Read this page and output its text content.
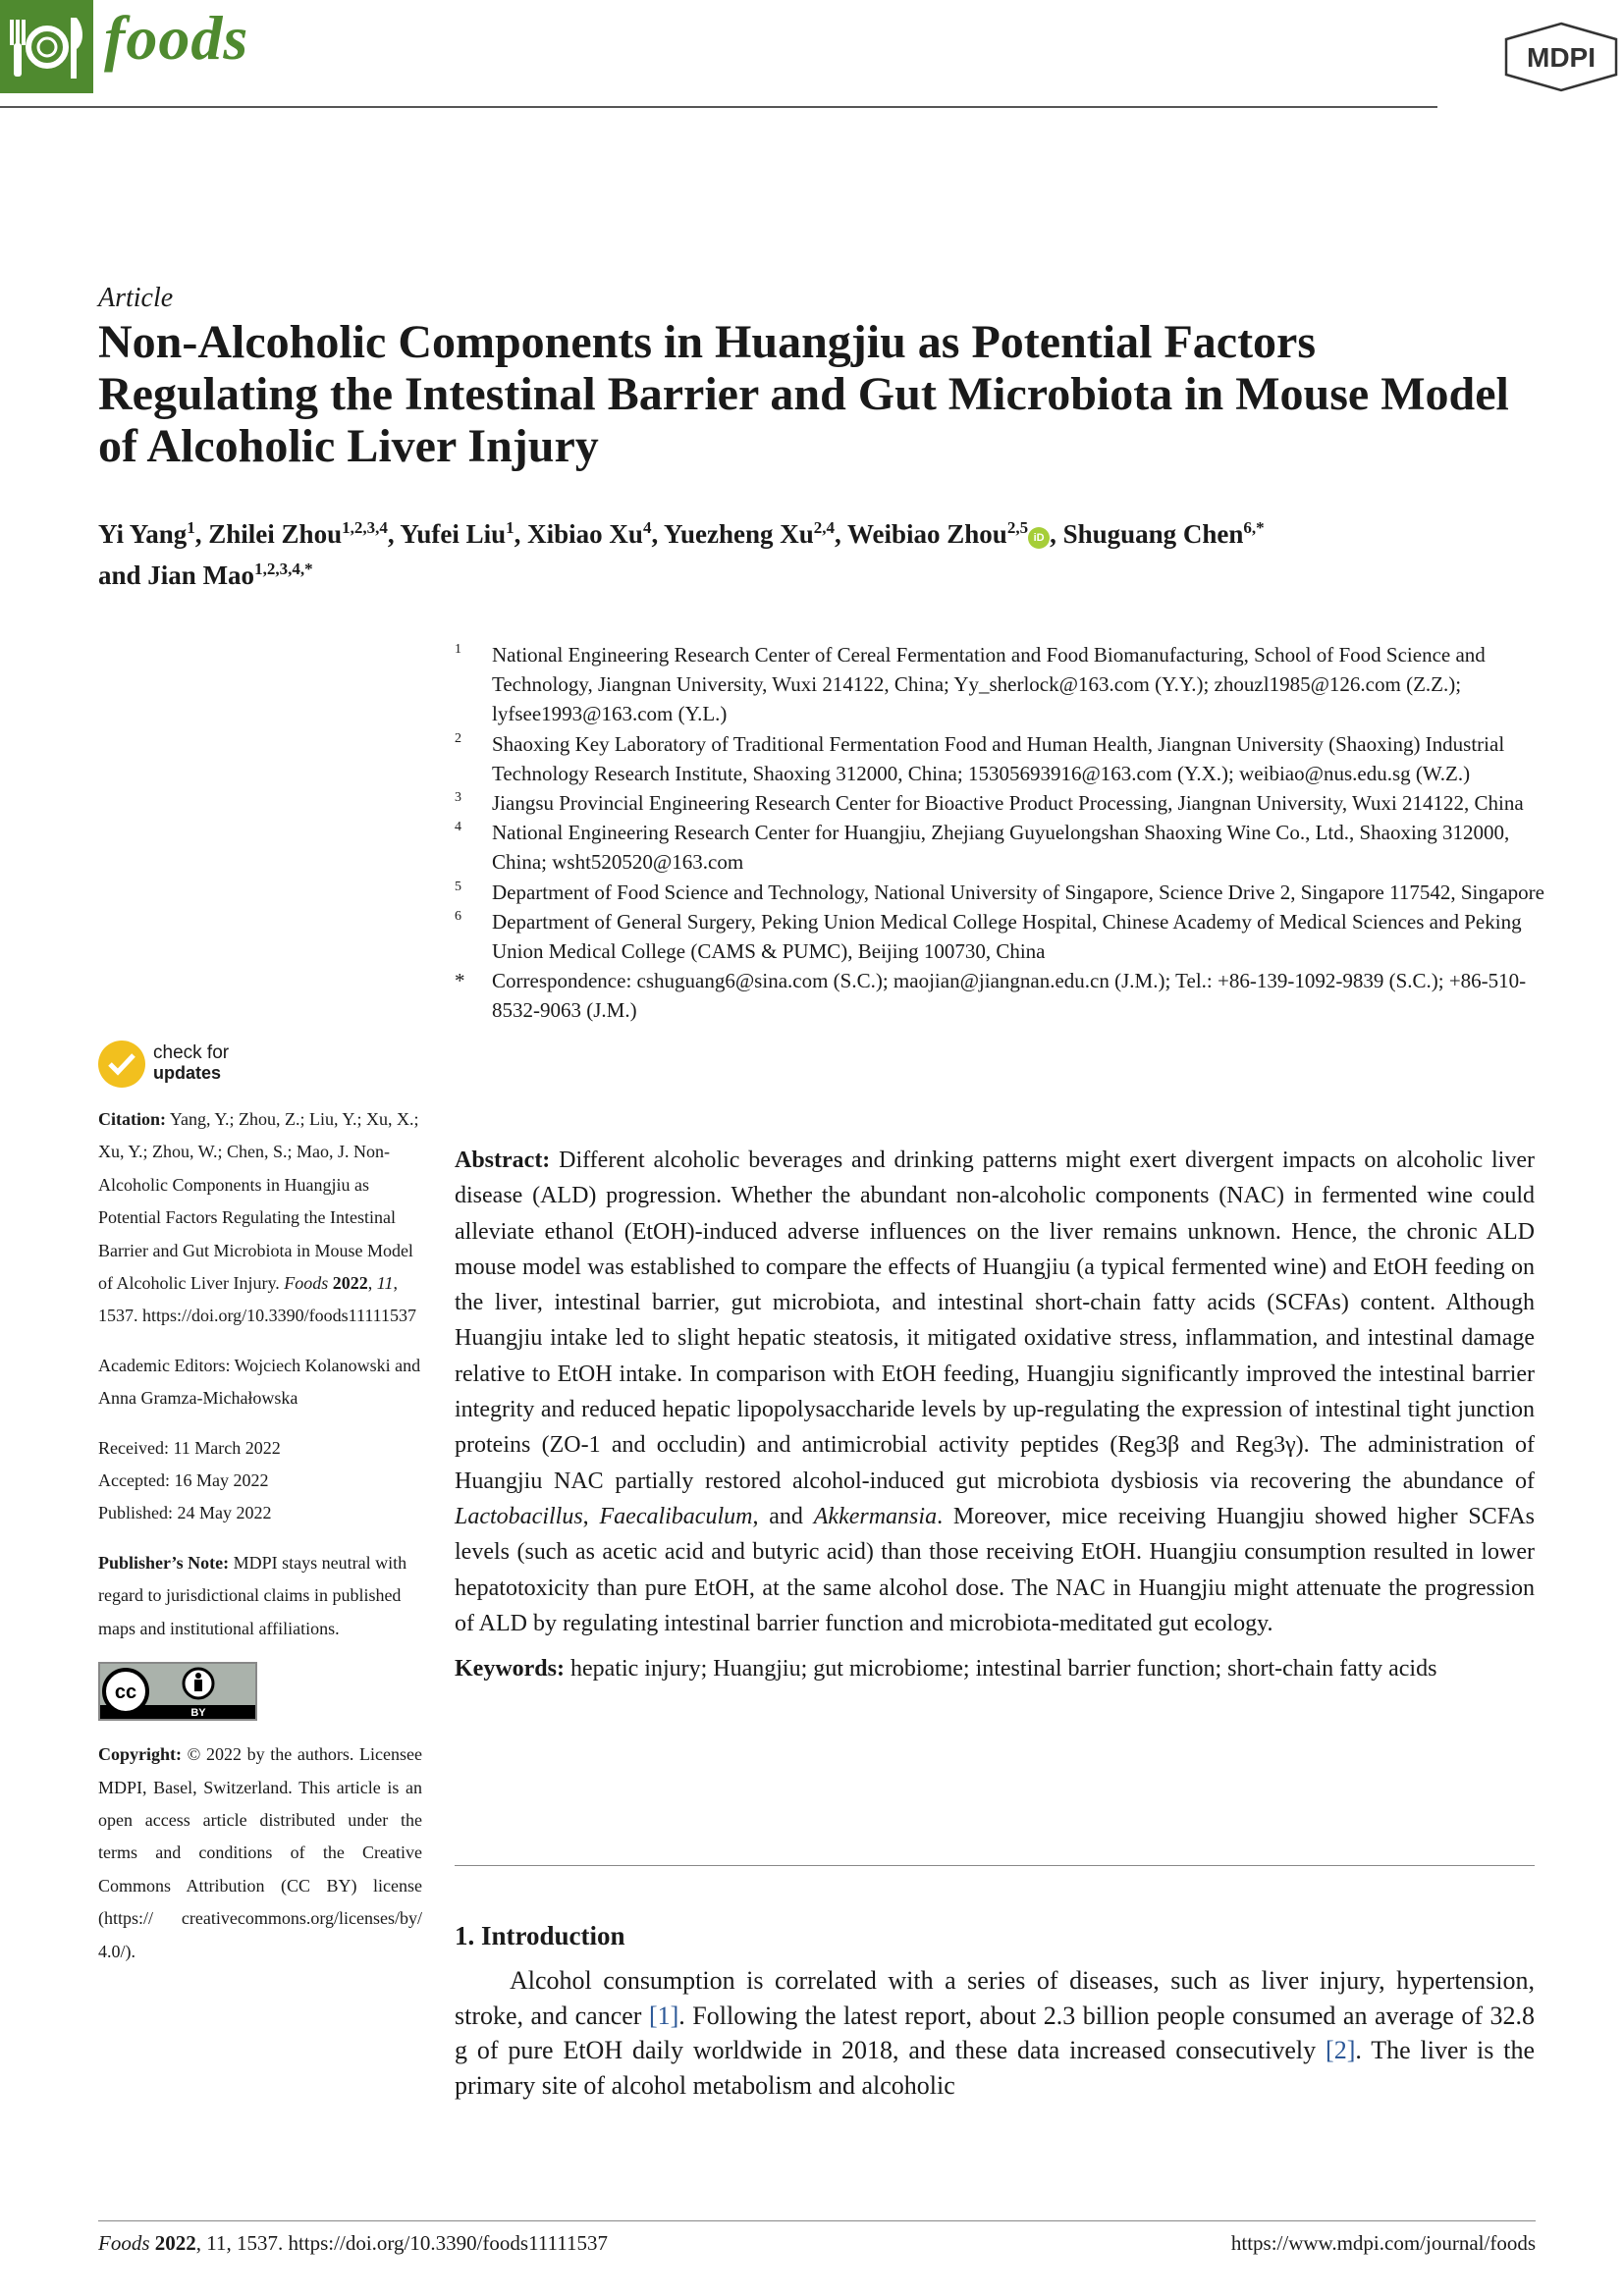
foods	MDPI
Article
Non-Alcoholic Components in Huangjiu as Potential Factors Regulating the Intestinal Barrier and Gut Microbiota in Mouse Model of Alcoholic Liver Injury
Yi Yang$^1$, Zhilei Zhou$^{1,2,3,4}$, Yufei Liu$^1$, Xibiao Xu$^4$, Yuezheng Xu$^{2,4}$, Weibiao Zhou$^{2,5}$iD , Shuguang Chen$^{6,*}$
and Jian Mao$^{1,2,3,4,*}$
1 National Engineering Research Center of Cereal Fermentation and Food Biomanufacturing, School of Food Science and Technology, Jiangnan University, Wuxi 214122, China; Yy_sherlock@163.com (Y.Y.); zhouzl1985@126.com (Z.Z.); lyfsee1993@163.com (Y.L.)
2 Shaoxing Key Laboratory of Traditional Fermentation Food and Human Health, Jiangnan University (Shaoxing) Industrial Technology Research Institute, Shaoxing 312000, China; 15305693916@163.com (Y.X.); weibiao@nus.edu.sg (W.Z.)
3 Jiangsu Provincial Engineering Research Center for Bioactive Product Processing, Jiangnan University, Wuxi 214122, China
4 National Engineering Research Center for Huangjiu, Zhejiang Guyuelongshan Shaoxing Wine Co., Ltd., Shaoxing 312000, China; wsht520520@163.com
5 Department of Food Science and Technology, National University of Singapore, Science Drive 2, Singapore 117542, Singapore
6 Department of General Surgery, Peking Union Medical College Hospital, Chinese Academy of Medical Sciences and Peking Union Medical College (CAMS & PUMC), Beijing 100730, China
* Correspondence: cshuguang6@sina.com (S.C.); maojian@jiangnan.edu.cn (J.M.); Tel.: +86-139-1092-9839 (S.C.); +86-510-8532-9063 (J.M.)
check for
updates
Citation: Yang, Y.; Zhou, Z.; Liu, Y.; Xu, X.; Xu, Y.; Zhou, W.; Chen, S.; Mao, J. Non-Alcoholic Components in Huangjiu as Potential Factors Regulating the Intestinal Barrier and Gut Microbiota in Mouse Model of Alcoholic Liver Injury. Foods 2022, 11, 1537. https://doi.org/10.3390/foods11111537
Academic Editors: Wojciech Kolanowski and Anna Gramza-Michałowska
Received: 11 March 2022
Accepted: 16 May 2022
Published: 24 May 2022
Publisher’s Note: MDPI stays neutral with regard to jurisdictional claims in published maps and institutional affiliations.
cc
BY
Copyright: © 2022 by the authors. Licensee MDPI, Basel, Switzerland. This article is an open access article distributed under the terms and conditions of the Creative Commons Attribution (CC BY) license (https:// creativecommons.org/licenses/by/ 4.0/).
Abstract: Different alcoholic beverages and drinking patterns might exert divergent impacts on alcoholic liver disease (ALD) progression. Whether the abundant non-alcoholic components (NAC) in fermented wine could alleviate ethanol (EtOH)-induced adverse influences on the liver remains unknown. Hence, the chronic ALD mouse model was established to compare the effects of Huangjiu (a typical fermented wine) and EtOH feeding on the liver, intestinal barrier, gut microbiota, and intestinal short-chain fatty acids (SCFAs) content. Although Huangjiu intake led to slight hepatic steatosis, it mitigated oxidative stress, inflammation, and intestinal damage relative to EtOH intake. In comparison with EtOH feeding, Huangjiu significantly improved the intestinal barrier integrity and reduced hepatic lipopolysaccharide levels by up-regulating the expression of intestinal tight junction proteins (ZO-1 and occludin) and antimicrobial activity peptides (Reg3β and Reg3γ). The administration of Huangjiu NAC partially restored alcohol-induced gut microbiota dysbiosis via recovering the abundance of Lactobacillus, Faecalibaculum, and Akkermansia. Moreover, mice receiving Huangjiu showed higher SCFAs levels (such as acetic acid and butyric acid) than those receiving EtOH. Huangjiu consumption resulted in lower hepatotoxicity than pure EtOH, at the same alcohol dose. The NAC in Huangjiu might attenuate the progression of ALD by regulating intestinal barrier function and microbiota-meditated gut ecology.
Keywords: hepatic injury; Huangjiu; gut microbiome; intestinal barrier function; short-chain fatty acids
1. Introduction
Alcohol consumption is correlated with a series of diseases, such as liver injury, hypertension, stroke, and cancer [1]. Following the latest report, about 2.3 billion people consumed an average of 32.8 g of pure EtOH daily worldwide in 2018, and these data increased consecutively [2]. The liver is the primary site of alcohol metabolism and alcoholic
Foods 2022, 11, 1537. https://doi.org/10.3390/foods11111537	https://www.mdpi.com/journal/foods
